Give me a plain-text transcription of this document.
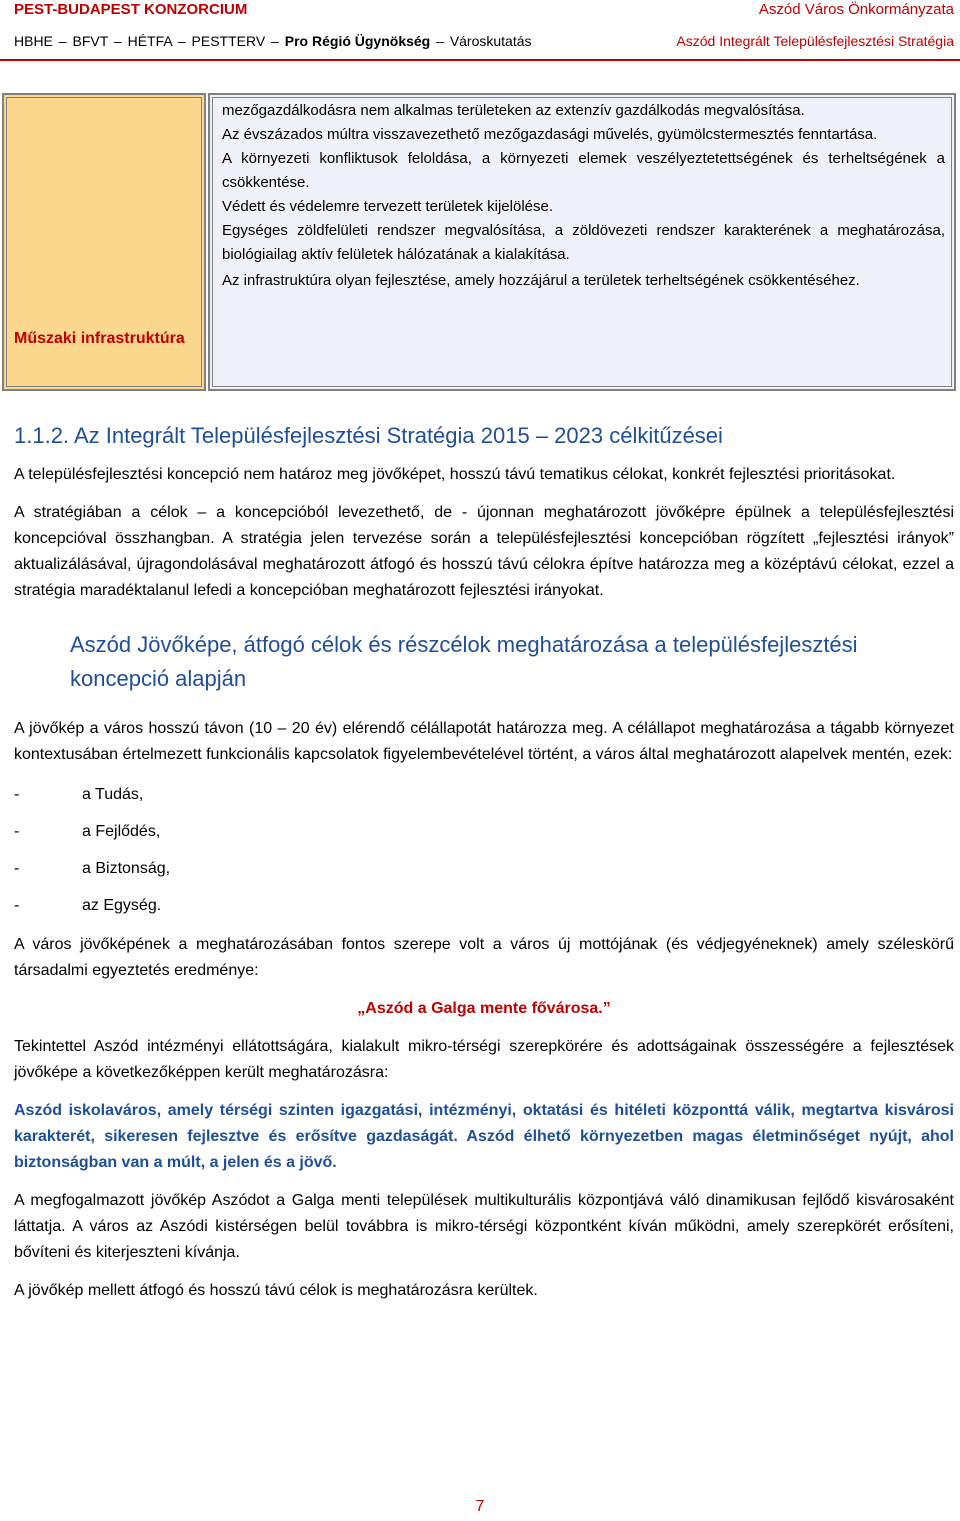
PEST-BUDAPEST KONZORCIUM	Aszód Város Önkormányzata
HBHE – BFVT – HÉTFA – PESTTERV – Pro Régió Ügynökség – Városkutatás	Aszód Integrált Településfejlesztési Stratégia
Műszaki infrastruktúra

mezőgazdálkodásra nem alkalmas területeken az extenzív gazdálkodás megvalósítása.

Az évszázados múltra visszavezethető mezőgazdasági művelés, gyümölcstermesztés fenntartása.

A környezeti konfliktusok feloldása, a környezeti elemek veszélyeztetettségének és terheltségének a csökkentése.

Védett és védelemre tervezett területek kijelölése.

Egységes zöldfelületi rendszer megvalósítása, a zöldövezeti rendszer karakterének a meghatározása, biológiailag aktív felületek hálózatának a kialakítása.

Az infrastruktúra olyan fejlesztése, amely hozzájárul a területek terheltségének csökkentéséhez.

1.1.2. Az Integrált Településfejlesztési Stratégia 2015 – 2023 célkitűzései

A településfejlesztési koncepció nem határoz meg jövőképet, hosszú távú tematikus célokat, konkrét fejlesztési prioritásokat.

A stratégiában a célok – a koncepcióból levezethető, de - újonnan meghatározott jövőképre épülnek a településfejlesztési koncepcióval összhangban. A stratégia jelen tervezése során a településfejlesztési koncepcióban rögzített „fejlesztési irányok” aktualizálásával, újragondolásával meghatározott átfogó és hosszú távú célokra építve határozza meg a középtávú célokat, ezzel a stratégia maradéktalanul lefedi a koncepcióban meghatározott fejlesztési irányokat.

Aszód Jövőképe, átfogó célok és részcélok meghatározása a településfejlesztési koncepció alapján

A jövőkép a város hosszú távon (10 – 20 év) elérendő célállapotát határozza meg. A célállapot meghatározása a tágabb környezet kontextusában értelmezett funkcionális kapcsolatok figyelembevételével történt, a város által meghatározott alapelvek mentén, ezek:

-	a Tudás,

-	a Fejlődés,

-	a Biztonság,

-	az Egység.

A város jövőképének a meghatározásában fontos szerepe volt a város új mottójának (és védjegyéneknek) amely széleskörű társadalmi egyeztetés eredménye:

„Aszód a Galga mente fővárosa.”

Tekintettel Aszód intézményi ellátottságára, kialakult mikro-térségi szerepkörére és adottságainak összességére a fejlesztések jövőképe a következőképpen került meghatározásra:

Aszód iskolaváros, amely térségi szinten igazgatási, intézményi, oktatási és hitéleti központtá válik, megtartva kisvárosi karakterét, sikeresen fejlesztve és erősítve gazdaságát. Aszód élhető környezetben magas életminőséget nyújt, ahol biztonságban van a múlt, a jelen és a jövő.

A megfogalmazott jövőkép Aszódot a Galga menti települések multikulturális központjává váló dinamikusan fejlődő kisvárosaként láttatja. A város az Aszódi kistérségen belül továbbra is mikro-térségi központként kíván működni, amely szerepkörét erősíteni, bővíteni és kiterjeszteni kívánja.

A jövőkép mellett átfogó és hosszú távú célok is meghatározásra kerültek.

7
